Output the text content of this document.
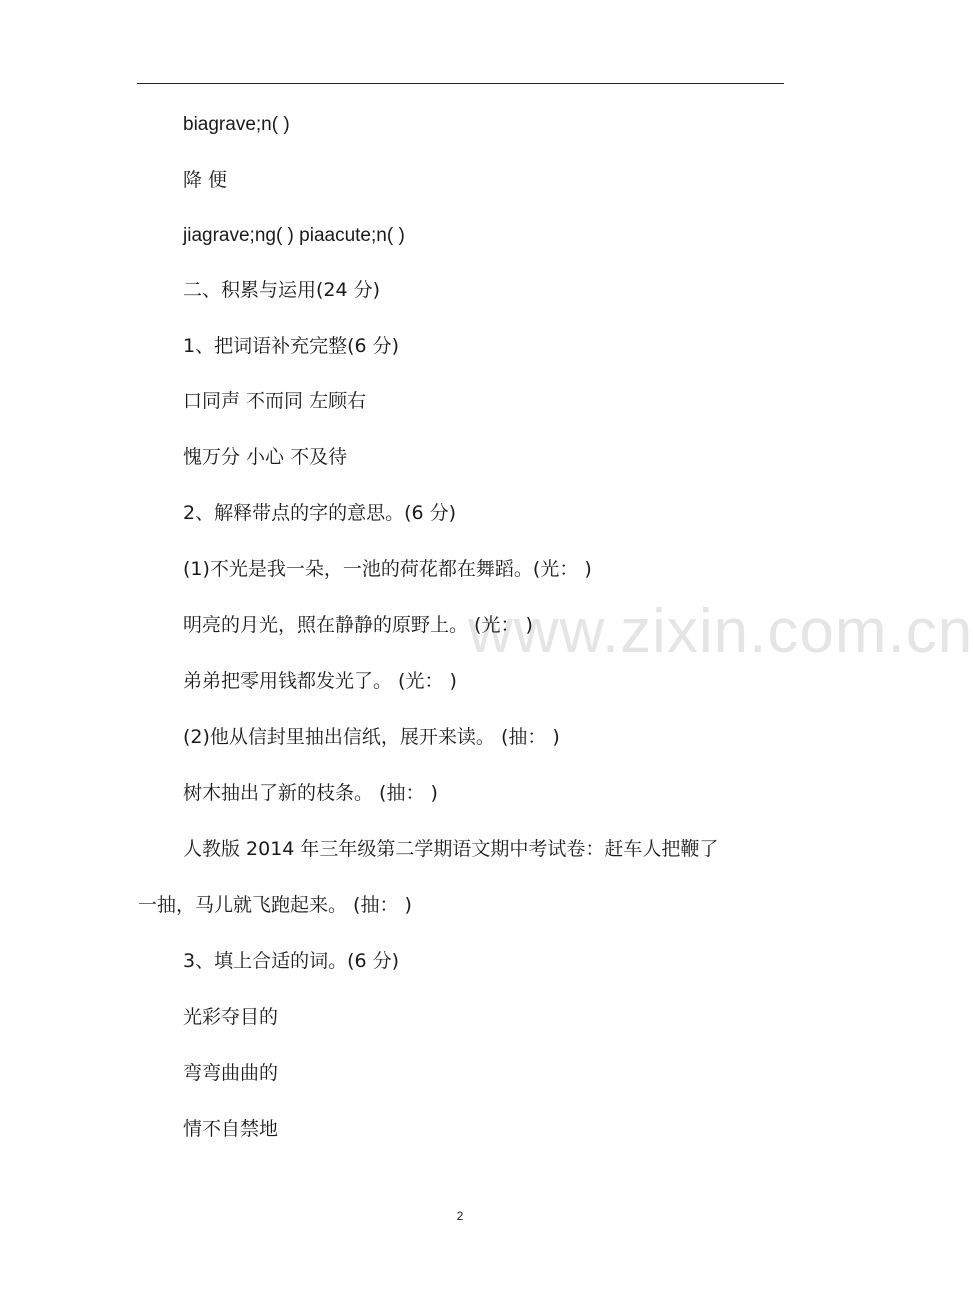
www.zixin.com.cn
biagrave;n( )
降 便
jiagrave;ng( ) piaacute;n( )
二、积累与运用(24 分)
1、把词语补充完整(6 分)
口同声 不而同 左顾右
愧万分 小心 不及待
2、解释带点的字的意思。(6 分)
(1)不光是我一朵，一池的荷花都在舞蹈。(光： )
明亮的月光，照在静静的原野上。 (光： )
弟弟把零用钱都发光了。 (光： )
(2)他从信封里抽出信纸，展开来读。 (抽： )
树木抽出了新的枝条。 (抽： )
人教版 2014 年三年级第二学期语文期中考试卷：赶车人把鞭了
一抽，马儿就飞跑起来。 (抽： )
3、填上合适的词。(6 分)
光彩夺目的
弯弯曲曲的
情不自禁地
2
